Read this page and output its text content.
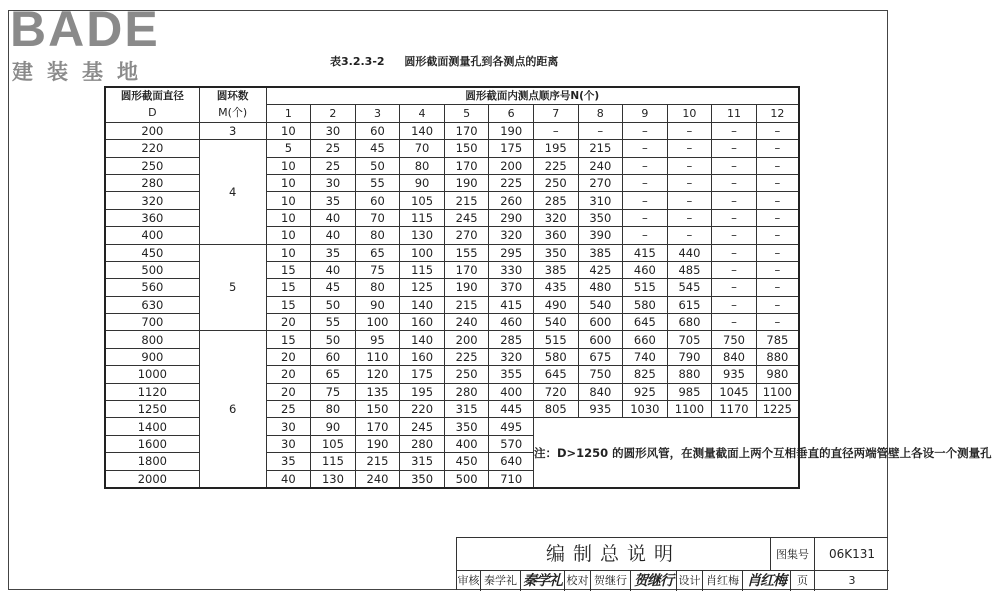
BADE
建装基地	表3.2.3-2 圆形截面测量孔到各测点的距离
圆形截面直径	圆环数	圆形截面内测点顺序号N(个)											
D	M(个)	1	2	3	4	5	6	7	8	9	10	11	12
200	3	10	30	60	140	170	190	–	–	–	–	–	–
220	4	5	25	45	70	150	175	195	215	–	–	–	–
250		10	25	50	80	170	200	225	240	–	–	–	–
280		10	30	55	90	190	225	250	270	–	–	–	–
320		10	35	60	105	215	260	285	310	–	–	–	–
360		10	40	70	115	245	290	320	350	–	–	–	–
400		10	40	80	130	270	320	360	390	–	–	–	–
450	5	10	35	65	100	155	295	350	385	415	440	–	–
500		15	40	75	115	170	330	385	425	460	485	–	–
560		15	45	80	125	190	370	435	480	515	545	–	–
630		15	50	90	140	215	415	490	540	580	615	–	–
700		20	55	100	160	240	460	540	600	645	680	–	–
800	6	15	50	95	140	200	285	515	600	660	705	750	785
900		20	60	110	160	225	320	580	675	740	790	840	880
1000		20	65	120	175	250	355	645	750	825	880	935	980
1120		20	75	135	195	280	400	720	840	925	985	1045	1100
1250		25	80	150	220	315	445	805	935	1030	1100	1170	1225
1400		30	90	170	245	350	495	注：D>1250 的圆形风管，在测量截面上两个互相垂直的直径两端管壁上各设一个测量孔					
1600		30	105	190	280	400	570						
1800		35	115	215	315	450	640						
2000		40	130	240	350	500	710						
编制总说明	图集号	06K131
审核 秦学礼 秦学礼 校对 贺继行 贺继行 设计 肖红梅 肖红梅	页	3
